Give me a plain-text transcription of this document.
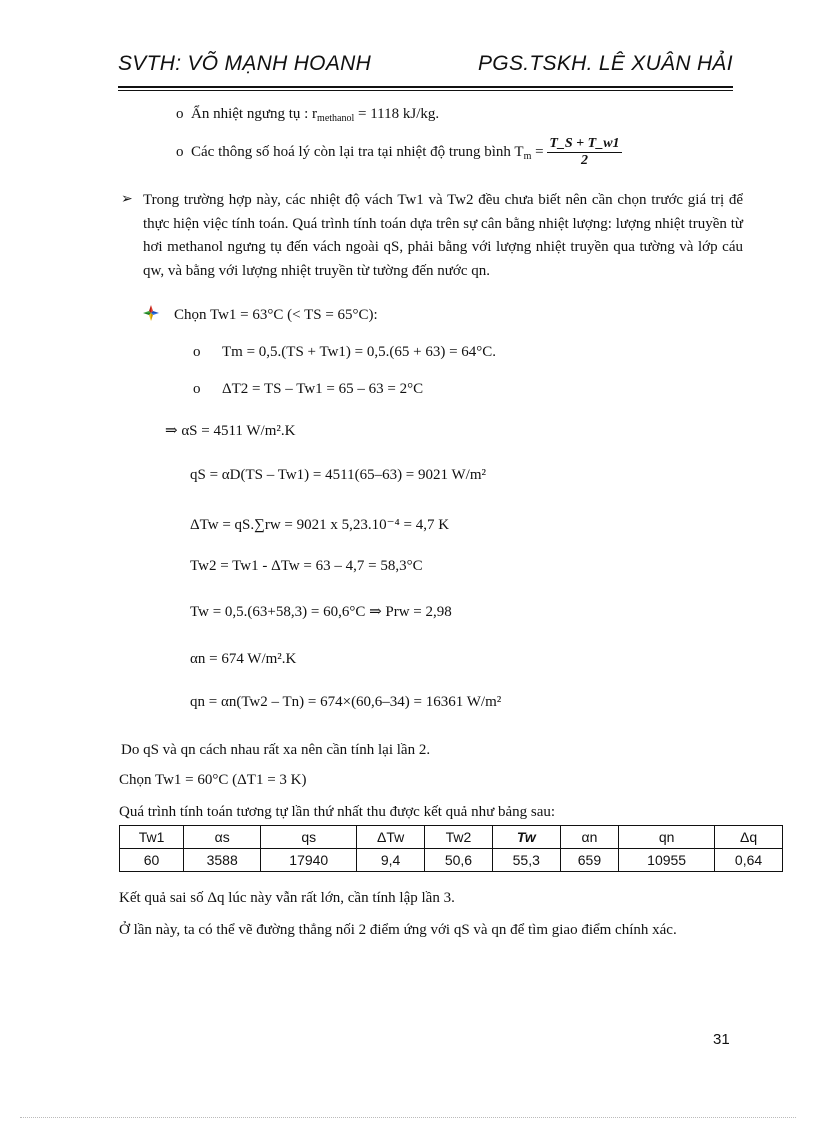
SVTH: VÕ MẠNH HOANH	PGS.TSKH. LÊ XUÂN HẢI
o Ẩn nhiệt ngưng tụ : $r_{methanol} = 1118$ kJ/kg.
o Các thông số hoá lý còn lại tra tại nhiệt độ trung bình $T_m = \frac{T\_S + T\_w1}{2}$
➢ Trong trường hợp này, các nhiệt độ vách Tw1 và Tw2 đều chưa biết nên cần chọn trước giá trị để thực hiện việc tính toán. Quá trình tính toán dựa trên sự cân bằng nhiệt lượng: lượng nhiệt truyền từ hơi methanol ngưng tụ đến vách ngoài qS, phải bằng với lượng nhiệt truyền qua tường và lớp cáu qw, và bằng với lượng nhiệt truyền từ tường đến nước qn.
Chọn Tw1 = 63°C (< TS = 65°C):
o Tm = 0,5.(TS + Tw1) = 0,5.(65 + 63) = 64°C.
o ΔT2 = TS – Tw1 = 65 – 63 = 2°C
⇒ αS = 4511 W/m².K
qS = αD(TS – Tw1) = 4511(65–63) = 9021 W/m²
ΔTw = qS.∑rw = 9021 x 5,23.10⁻⁴ = 4,7 K
Tw2 = Tw1 - ΔTw = 63 – 4,7 = 58,3°C
Tw = 0,5.(63+58,3) = 60,6°C ⇒ Prw = 2,98
αn = 674 W/m².K
qn = αn(Tw2 – Tn) = 674×(60,6–34) = 16361 W/m²
Do qS và qn cách nhau rất xa nên cần tính lại lần 2.
Chọn Tw1 = 60°C (ΔT1 = 3 K)
Quá trình tính toán tương tự lần thứ nhất thu được kết quả như bảng sau:
Tw1	αs	qs	ΔTw	Tw2	Tw	αn	qn	Δq
60	3588	17940	9,4	50,6	55,3	659	10955	0,64
Kết quả sai số Δq lúc này vẫn rất lớn, cần tính lập lần 3.
Ở lần này, ta có thể vẽ đường thẳng nối 2 điểm ứng với qS và qn để tìm giao điểm chính xác.
31
